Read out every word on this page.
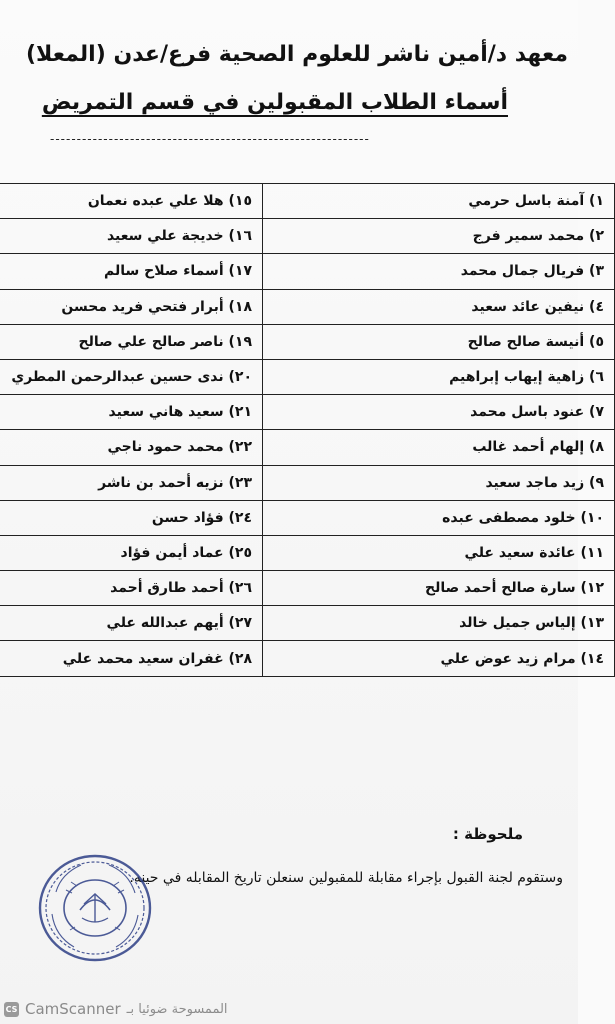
معهد د/أمين ناشر للعلوم الصحية فرع/عدن (المعلا)
أسماء الطلاب المقبولين في قسم التمريض
------------------------------------------------------------
١) آمنة باسل حرمي	١٥) هلا علي عبده نعمان
٢) محمد سمير فرج	١٦) خديجة علي سعيد
٣) فريال جمال محمد	١٧) أسماء صلاح سالم
٤) نيفين عائد سعيد	١٨) أبرار فتحي فريد محسن
٥) أنيسة صالح صالح	١٩) ناصر صالح علي صالح
٦) زاهية إيهاب إبراهيم	٢٠) ندى حسين عبدالرحمن المطري
٧) عنود باسل محمد	٢١) سعيد هاني سعيد
٨) إلهام أحمد غالب	٢٢) محمد حمود ناجي
٩) زيد ماجد سعيد	٢٣) نزيه أحمد بن ناشر
١٠) خلود مصطفى عبده	٢٤) فؤاد حسن
١١) عائدة سعيد علي	٢٥) عماد أيمن فؤاد
١٢) سارة صالح أحمد صالح	٢٦) أحمد طارق أحمد
١٣) إلياس جميل خالد	٢٧) أيهم عبدالله علي
١٤) مرام زيد عوض علي	٢٨) غفران سعيد محمد علي
ملحوظة :
وستقوم لجنة القبول بإجراء مقابلة للمقبولين سنعلن تاريخ المقابله في حينه.
CS CamScanner الممسوحة ضوئيا بـ
